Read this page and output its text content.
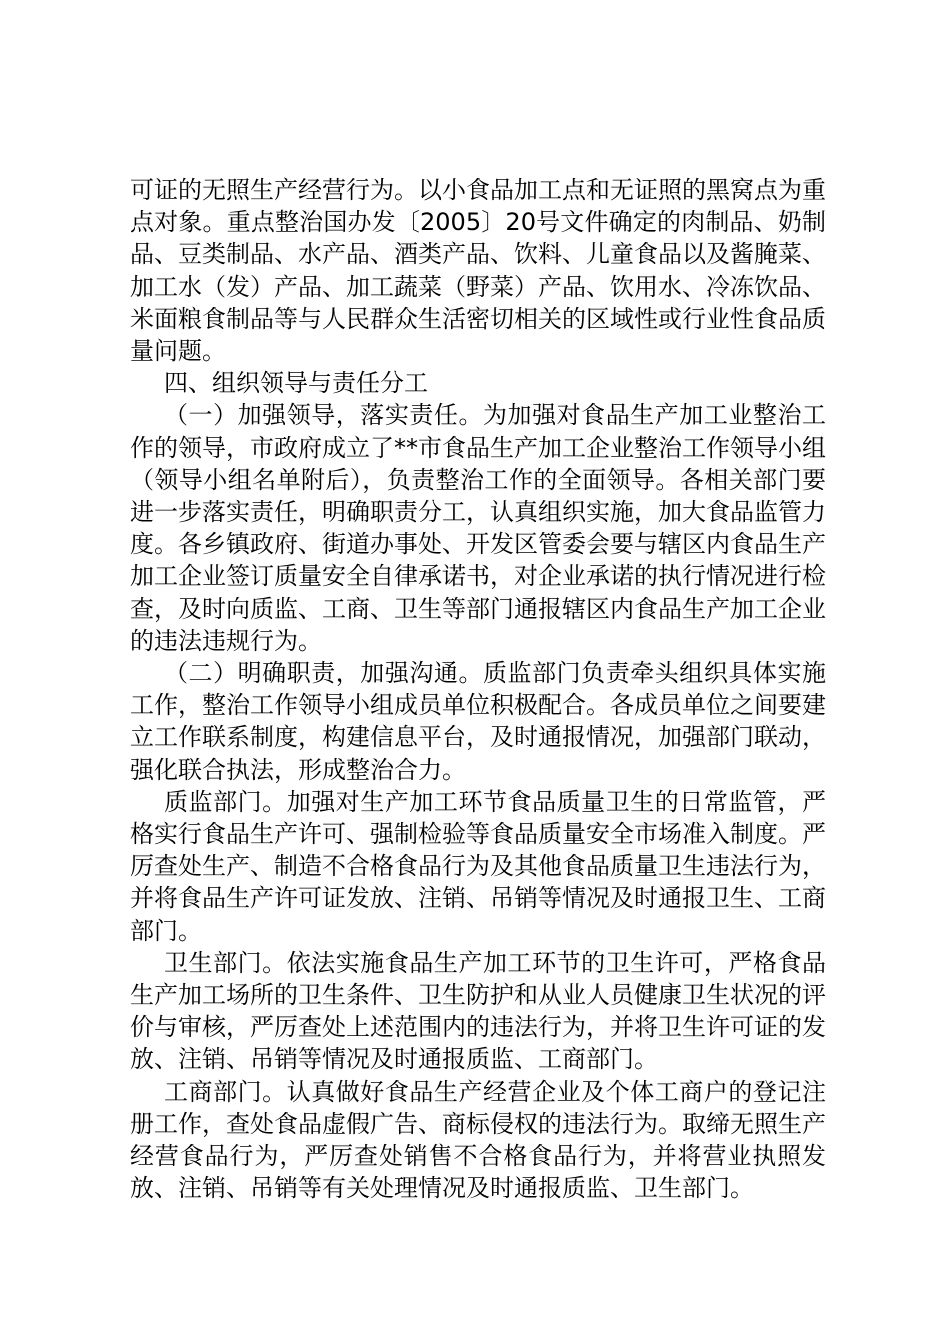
可证的无照生产经营行为。以小食品加工点和无证照的黑窝点为重点对象。重点整治国办发〔2005〕20号文件确定的肉制品、奶制品、豆类制品、水产品、酒类产品、饮料、儿童食品以及酱腌菜、加工水（发）产品、加工蔬菜（野菜）产品、饮用水、冷冻饮品、米面粮食制品等与人民群众生活密切相关的区域性或行业性食品质量问题。

四、组织领导与责任分工

（一）加强领导，落实责任。为加强对食品生产加工业整治工作的领导，市政府成立了**市食品生产加工企业整治工作领导小组（领导小组名单附后），负责整治工作的全面领导。各相关部门要进一步落实责任，明确职责分工，认真组织实施，加大食品监管力度。各乡镇政府、街道办事处、开发区管委会要与辖区内食品生产加工企业签订质量安全自律承诺书，对企业承诺的执行情况进行检查，及时向质监、工商、卫生等部门通报辖区内食品生产加工企业的违法违规行为。

（二）明确职责，加强沟通。质监部门负责牵头组织具体实施工作，整治工作领导小组成员单位积极配合。各成员单位之间要建立工作联系制度，构建信息平台，及时通报情况，加强部门联动，强化联合执法，形成整治合力。

质监部门。加强对生产加工环节食品质量卫生的日常监管，严格实行食品生产许可、强制检验等食品质量安全市场准入制度。严厉查处生产、制造不合格食品行为及其他食品质量卫生违法行为，并将食品生产许可证发放、注销、吊销等情况及时通报卫生、工商部门。

卫生部门。依法实施食品生产加工环节的卫生许可，严格食品生产加工场所的卫生条件、卫生防护和从业人员健康卫生状况的评价与审核，严厉查处上述范围内的违法行为，并将卫生许可证的发放、注销、吊销等情况及时通报质监、工商部门。

工商部门。认真做好食品生产经营企业及个体工商户的登记注册工作，查处食品虚假广告、商标侵权的违法行为。取缔无照生产经营食品行为，严厉查处销售不合格食品行为，并将营业执照发放、注销、吊销等有关处理情况及时通报质监、卫生部门。
